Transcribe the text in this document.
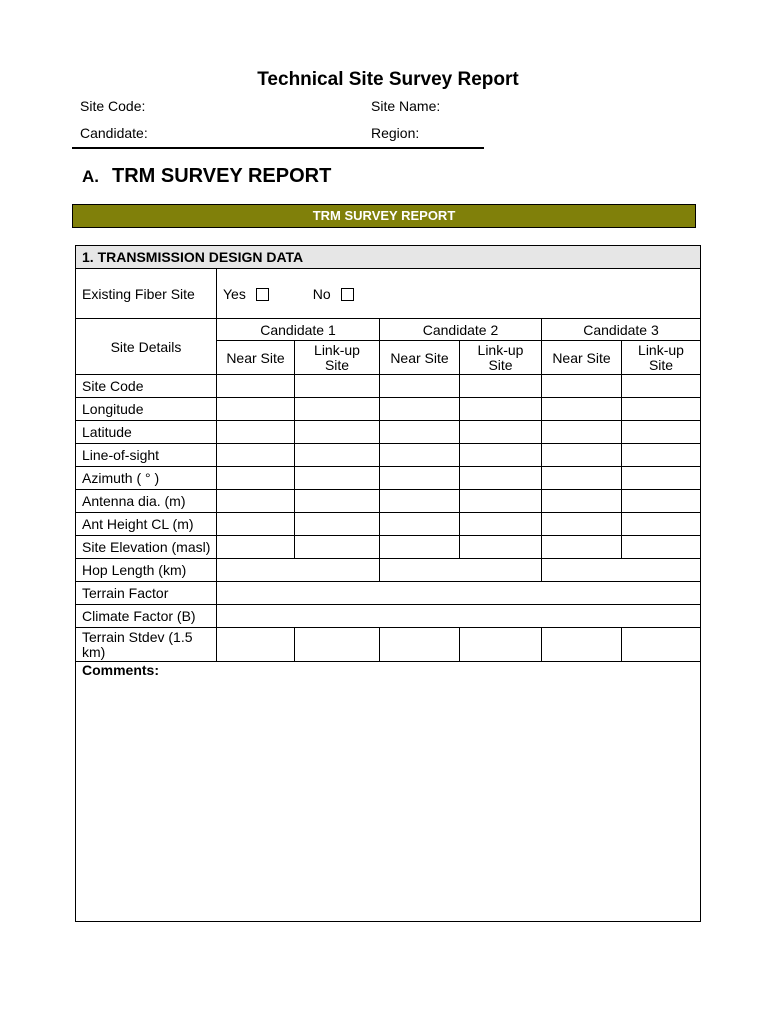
Technical Site Survey Report
Site Code:	Site Name:
Candidate:	Region:
A. TRM SURVEY REPORT
TRM SURVEY REPORT
1. TRANSMISSION DESIGN DATA						
Existing Fiber Site	Yes No					
Site Details	Candidate 1		Candidate 2		Candidate 3	
	Near Site	Link-up Site	Near Site	Link-up Site	Near Site	Link-up Site
Site Code						
Longitude						
Latitude						
Line-of-sight						
Azimuth ( ° )						
Antenna dia. (m)						
Ant Height CL (m)						
Site Elevation (masl)						
Hop Length (km)						
Terrain Factor						
Climate Factor (B)						
Terrain Stdev (1.5 km)						
Comments:						
